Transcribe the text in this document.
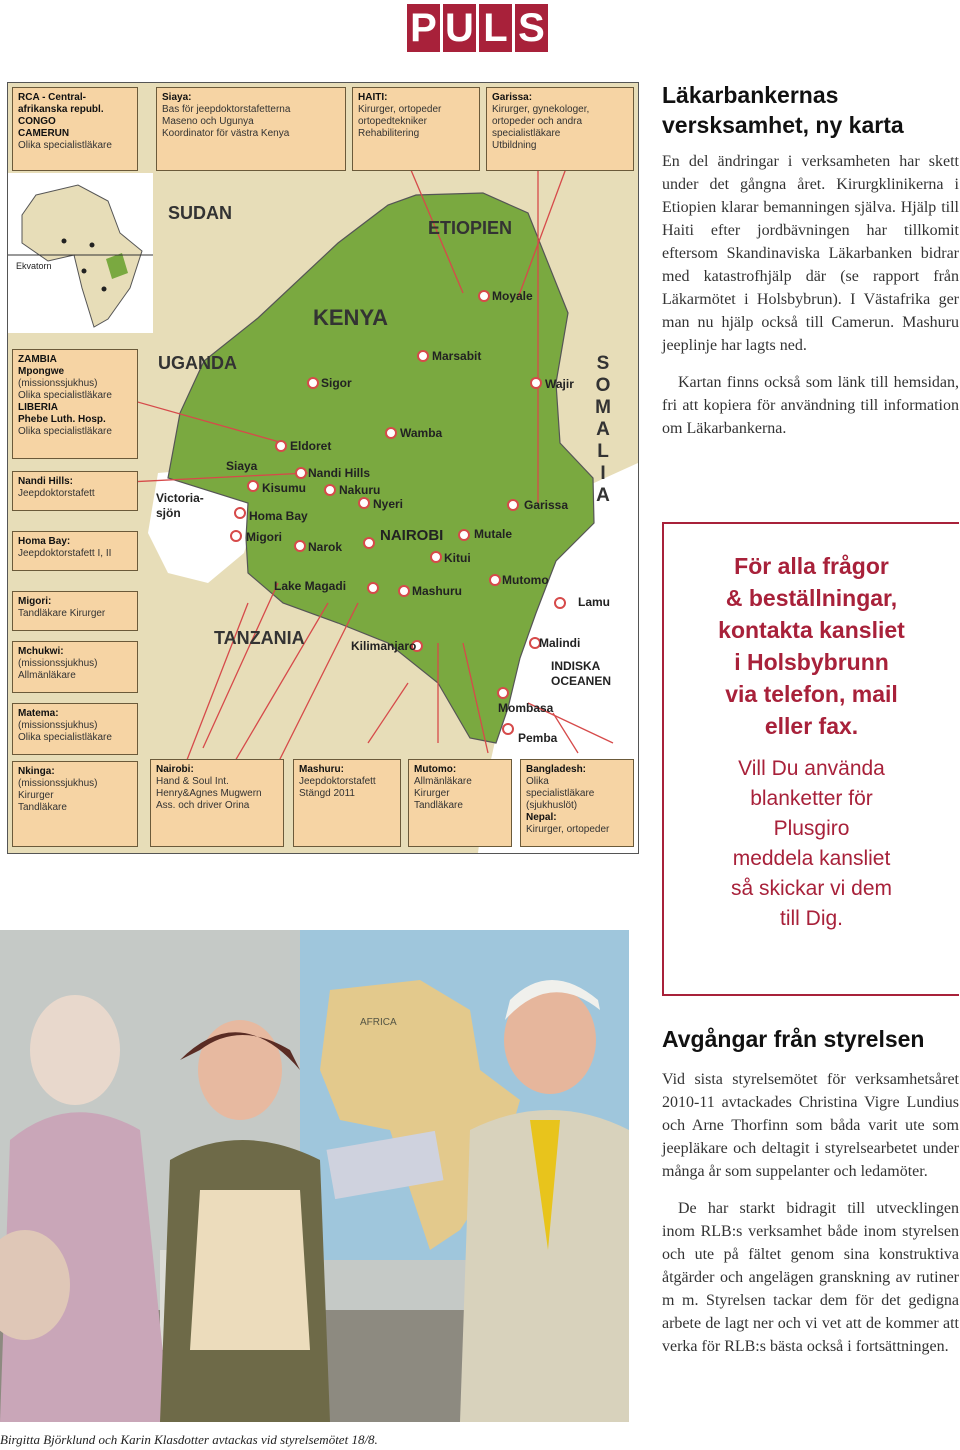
P U L S
RCA - Central-
afrikanska republ.
CONGO
CAMERUN
Olika specialistläkare
Siaya:
Bas för jeepdoktorstafetterna
Maseno och Ugunya
Koordinator för västra Kenya
HAITI:
Kirurger, ortopeder
ortopedtekniker
Rehabilitering
Garissa:
Kirurger, gynekologer,
ortopeder och andra
specialistläkare
Utbildning
ZAMBIA
Mpongwe
(missionssjukhus)
Olika specialistläkare
LIBERIA
Phebe Luth. Hosp.
Olika specialistläkare
Nandi Hills:
Jeepdoktorstafett
Homa Bay:
Jeepdoktorstafett I, II
Migori:
Tandläkare Kirurger
Mchukwi:
(missionssjukhus)
Allmänläkare
Matema:
(missionssjukhus)
Olika specialistläkare
Nkinga:
(missionssjukhus)
Kirurger
Tandläkare
Nairobi:
Hand & Soul Int.
Henry&Agnes Mugwern
Ass. och driver Orina
Mashuru:
Jeepdoktorstafett
Stängd 2011
Mutomo:
Allmänläkare
Kirurger
Tandläkare
Bangladesh:
Olika
specialistläkare
(sjukhuslöt)
Nepal:
Kirurger, ortopeder
Ekvatorn
SUDAN
ETIOPIEN
KENYA
UGANDA
TANZANIA
S
O
M
A
L
I
A
Moyale
Marsabit
Wajir
Sigor
Wamba
Eldoret
Siaya	Nandi Hills
Kisumu	Nakuru
Nyeri	Garissa
Homa Bay
Migori
Narok
NAIROBI	Mutale
Kitui
Lake Magadi	Mashuru
Mutomo
Lamu
Kilimanjaro	Malindi
Mombasa
Pemba
Victoria-
sjön
INDISKA
OCEANEN
Läkarbankernas
versksamhet, ny karta

En del ändringar i verksamheten har skett under det gångna året. Kirurgklinikerna i Etiopien klarar bemanningen själva. Hjälp till Haiti efter jordbävningen har tillkomit eftersom Skandinaviska Läkarbanken bidrar med katastrofhjälp där (se rapport från Läkarmötet i Holsbybrun). I Västafrika ger man nu hjälp också till Camerun. Mashuru jeeplinje har lagts ned.

Kartan finns också som länk till hemsidan, fri att kopiera för användning till information om Läkarbankerna.

För alla frågor
& beställningar,
kontakta kansliet
i Holsbybrunn
via telefon, mail
eller fax.
Vill Du använda
blanketter för
Plusgiro
meddela kansliet
så skickar vi dem
till Dig.
Avgångar från styrelsen

Vid sista styrelsemötet för verksamhetsåret 2010-11 avtackades Christina Vigre Lundius och Arne Thorfinn som båda varit ute som jeepläkare och deltagit i styrelsearbetet under många år som suppelanter och ledamöter.

De har starkt bidragit till utvecklingen inom RLB:s verksamhet både inom styrelsen och ute på fältet genom sina konstruktiva åtgärder och angelägen granskning av rutiner m m. Styrelsen tackar dem för det gedigna arbete de lagt ner och vi vet att de kommer att verka för RLB:s bästa också i fortsättningen.

AFRICA
Birgitta Björklund och Karin Klasdotter avtackas vid styrelsemötet 18/8.
